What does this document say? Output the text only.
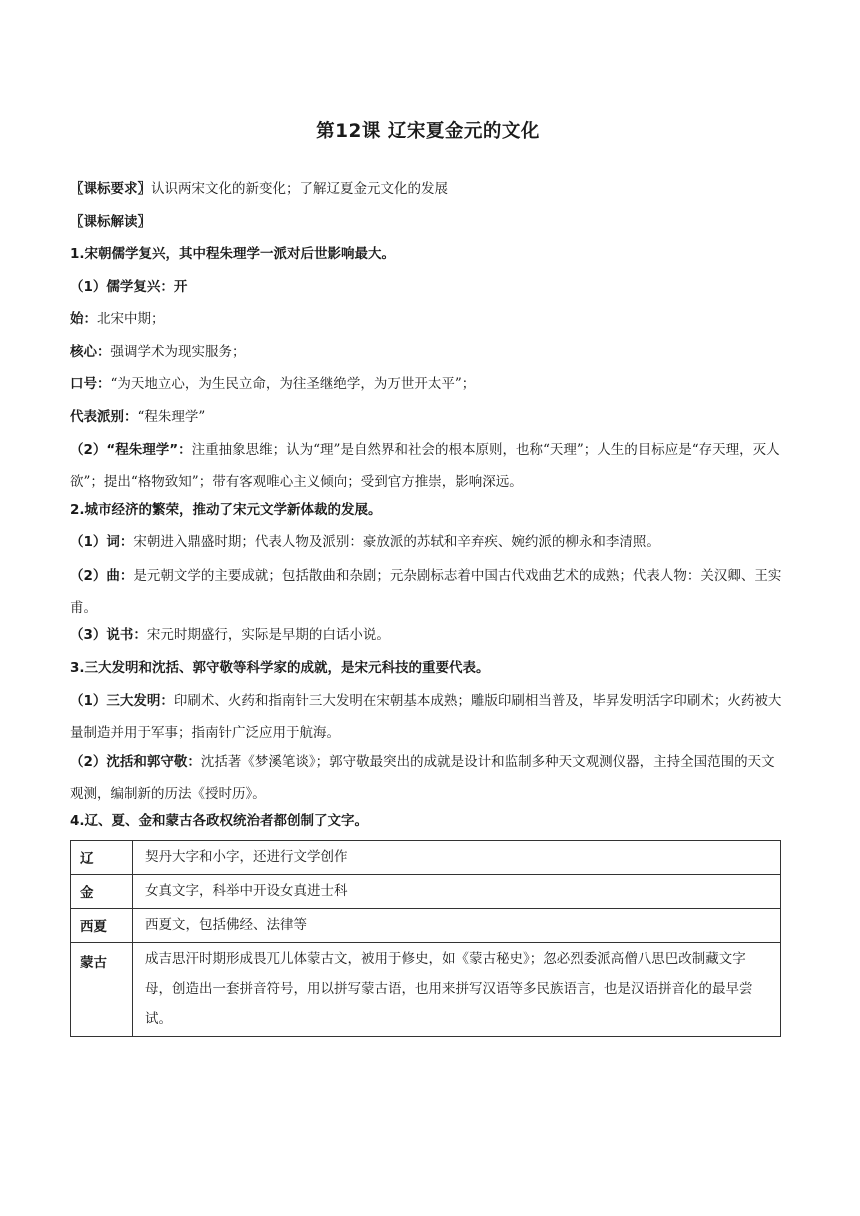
第12课 辽宋夏金元的文化
〖课标要求〗认识两宋文化的新变化；了解辽夏金元文化的发展
〖课标解读〗
1.宋朝儒学复兴，其中程朱理学一派对后世影响最大。
（1）儒学复兴：开
始：北宋中期；
核心：强调学术为现实服务；
口号：“为天地立心，为生民立命，为往圣继绝学，为万世开太平”；
代表派别：“程朱理学”
（2）“程朱理学”：注重抽象思维；认为“理”是自然界和社会的根本原则，也称“天理”；人生的目标应是“存天理，灭人欲”；提出“格物致知”；带有客观唯心主义倾向；受到官方推崇，影响深远。
2.城市经济的繁荣，推动了宋元文学新体裁的发展。
（1）词：宋朝进入鼎盛时期；代表人物及派别：豪放派的苏轼和辛弃疾、婉约派的柳永和李清照。
（2）曲：是元朝文学的主要成就；包括散曲和杂剧；元杂剧标志着中国古代戏曲艺术的成熟；代表人物：关汉卿、王实甫。
（3）说书：宋元时期盛行，实际是早期的白话小说。
3.三大发明和沈括、郭守敬等科学家的成就，是宋元科技的重要代表。
（1）三大发明：印刷术、火药和指南针三大发明在宋朝基本成熟；雕版印刷相当普及，毕昇发明活字印刷术；火药被大量制造并用于军事；指南针广泛应用于航海。
（2）沈括和郭守敬：沈括著《梦溪笔谈》；郭守敬最突出的成就是设计和监制多种天文观测仪器，主持全国范围的天文观测，编制新的历法《授时历》。
4.辽、夏、金和蒙古各政权统治者都创制了文字。
辽	契丹大字和小字，还进行文学创作
金	女真文字，科举中开设女真进士科
西夏	西夏文，包括佛经、法律等
蒙古	成吉思汗时期形成畏兀儿体蒙古文，被用于修史，如《蒙古秘史》；忽必烈委派高僧八思巴改制藏文字母，创造出一套拼音符号，用以拼写蒙古语，也用来拼写汉语等多民族语言，也是汉语拼音化的最早尝试。
